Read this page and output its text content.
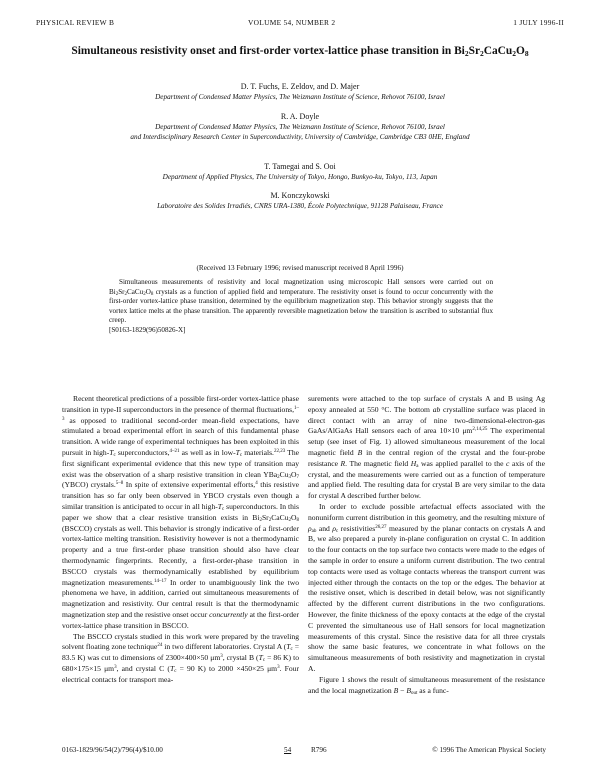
PHYSICAL REVIEW B	VOLUME 54, NUMBER 2	1 JULY 1996-II
Simultaneous resistivity onset and first-order vortex-lattice phase transition in $Bi_2Sr_2CaCu_2O_8$
D. T. Fuchs, E. Zeldov, and D. Majer
Department of Condensed Matter Physics, The Weizmann Institute of Science, Rehovot 76100, Israel
R. A. Doyle
Department of Condensed Matter Physics, The Weizmann Institute of Science, Rehovot 76100, Israel
and Interdisciplinary Research Center in Superconductivity, University of Cambridge, Cambridge CB3 0HE, England
T. Tamegai and S. Ooi
Department of Applied Physics, The University of Tokyo, Hongo, Bunkyo-ku, Tokyo, 113, Japan
M. Konczykowski
Laboratoire des Solides Irradiés, CNRS URA-1380, École Polytechnique, 91128 Palaiseau, France
(Received 13 February 1996; revised manuscript received 8 April 1996)

Simultaneous measurements of resistivity and local magnetization using microscopic Hall sensors were carried out on $Bi_2Sr_2CaCu_2O_8$ crystals as a function of applied field and temperature. The resistivity onset is found to occur concurrently with the first-order vortex-lattice phase transition, determined by the equilibrium magnetization step. This behavior strongly suggests that the vortex lattice melts at the phase transition. The apparently reversible magnetization below the transition is ascribed to substantial flux creep.
[S0163-1829(96)50826-X]

Recent theoretical predictions of a possible first-order vortex-lattice phase transition in type-II superconductors in the presence of thermal fluctuations,$^{1-3}$ as opposed to traditional second-order mean-field expectations, have stimulated a broad experimental effort in search of this fundamental phase transition. A wide range of experimental techniques has been exploited in this pursuit in high-$T_c$ superconductors,$^{4-21}$ as well as in low-$T_c$ materials.$^{22,23}$ The first significant experimental evidence that this new type of transition may exist was the observation of a sharp resistive transition in clean $YBa_2Cu_3O_7$ (YBCO) crystals.$^{5-8}$ In spite of extensive experimental efforts,$^4$ this resistive transition has so far only been observed in YBCO crystals even though a similar transition is anticipated to occur in all high-$T_c$ superconductors. In this paper we show that a clear resistive transition exists in $Bi_2Sr_2CaCu_2O_8$ (BSCCO) crystals as well. This behavior is strongly indicative of a first-order vortex-lattice melting transition. Resistivity however is not a thermodynamic property and a true first-order phase transition should also have clear thermodynamic fingerprints. Recently, a first-order-phase transition in BSCCO crystals was thermodynamically established by equilibrium magnetization measurements.$^{14-17}$ In order to unambiguously link the two phenomena we have, in addition, carried out simultaneous measurements of magnetization and resistivity. Our central result is that the thermodynamic magnetization step and the resistive onset occur concurrently at the first-order vortex-lattice phase transition in BSCCO.

The BSCCO crystals studied in this work were prepared by the traveling solvent floating zone technique$^{24}$ in two different laboratories. Crystal A ($T_c = 83.5$ K) was cut to dimensions of 2300×400×50 $\mu m^3$, crystal B ($T_c = 86$ K) to 680×175×15 $\mu m^3$, and crystal C ($T_c = 90$ K) to 2000 ×450×25 $\mu m^3$. Four electrical contacts for transport mea-

surements were attached to the top surface of crystals A and B using Ag epoxy annealed at 550 °C. The bottom ab crystalline surface was placed in direct contact with an array of nine two-dimensional-electron-gas GaAs/AlGaAs Hall sensors each of area 10×10 μm$^{2,14,25}$ The experimental setup (see inset of Fig. 1) allowed simultaneous measurement of the local magnetic field B in the central region of the crystal and the four-probe resistance R. The magnetic field $H_a$ was applied parallel to the c axis of the crystal, and the measurements were carried out as a function of temperature and applied field. The resulting data for crystal B are very similar to the data for crystal A described further below.

In order to exclude possible artefactual effects associated with the nonuniform current distribution in this geometry, and the resulting mixture of $\rho_{ab}$ and $\rho_c$ resistivities$^{26,27}$ measured by the planar contacts on crystals A and B, we also prepared a purely in-plane configuration on crystal C. In addition to the four contacts on the top surface two contacts were made to the edges of the sample in order to ensure a uniform current distribution. The two central top contacts were used as voltage contacts whereas the transport current was injected either through the contacts on the top or the edges. The behavior at the resistive onset, which is described in detail below, was not significantly affected by the different current distributions in the two configurations. However, the finite thickness of the epoxy contacts at the edge of the crystal C prevented the simultaneous use of Hall sensors for local magnetization measurements of this crystal. Since the resistive data for all three crystals show the same basic features, we concentrate in what follows on the simultaneous measurements of both resistivity and magnetization in crystal A.

Figure 1 shows the result of simultaneous measurement of the resistance and the local magnetization $B - B_{out}$ as a func-

0163-1829/96/54(2)/796(4)/$10.00	54	R796	© 1996 The American Physical Society
